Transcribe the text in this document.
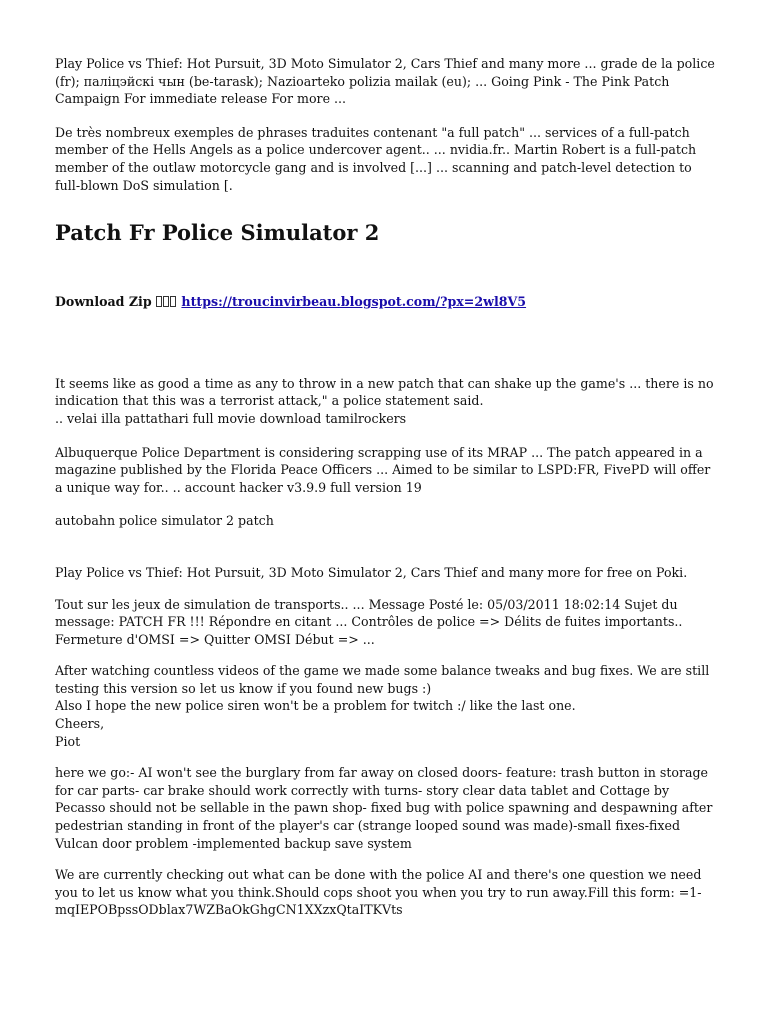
Play Police vs Thief: Hot Pursuit, 3D Moto Simulator 2, Cars Thief and many more ... grade de la police (fr); паліцэйскі чын (be-tarask); Nazioarteko polizia mailak (eu); ... Going Pink - The Pink Patch Campaign For immediate release For more ...

De très nombreux exemples de phrases traduites contenant "a full patch" ... services of a full-patch member of the Hells Angels as a police undercover agent.. ... nvidia.fr.. Martin Robert is a full-patch member of the outlaw motorcycle gang and is involved [...] ... scanning and patch-level detection to full-blown DoS simulation [.

Patch Fr Police Simulator 2
Download Zip https://troucinvirbeau.blogspot.com/?px=2wl8V5

It seems like as good a time as any to throw in a new patch that can shake up the game's ... there is no indication that this was a terrorist attack," a police statement said.
.. velai illa pattathari full movie download tamilrockers

Albuquerque Police Department is considering scrapping use of its MRAP ... The patch appeared in a magazine published by the Florida Peace Officers ... Aimed to be similar to LSPD:FR, FivePD will offer a unique way for.. .. account hacker v3.9.9 full version 19

autobahn police simulator 2 patch

Play Police vs Thief: Hot Pursuit, 3D Moto Simulator 2, Cars Thief and many more for free on Poki.

Tout sur les jeux de simulation de transports.. ... Message Posté le: 05/03/2011 18:02:14 Sujet du message: PATCH FR !!! Répondre en citant ... Contrôles de police => Délits de fuites importants.. Fermeture d'OMSI => Quitter OMSI Début => ...

After watching countless videos of the game we made some balance tweaks and bug fixes. We are still testing this version so let us know if you found new bugs :)
Also I hope the new police siren won't be a problem for twitch :/ like the last one.
Cheers,
Piot

here we go:- AI won't see the burglary from far away on closed doors- feature: trash button in storage for car parts- car brake should work correctly with turns- story clear data tablet and Cottage by Pecasso should not be sellable in the pawn shop- fixed bug with police spawning and despawning after pedestrian standing in front of the player's car (strange looped sound was made)-small fixes-fixed Vulcan door problem -implemented backup save system

We are currently checking out what can be done with the police AI and there's one question we need you to let us know what you think.Should cops shoot you when you try to run away.Fill this form: =1-mqIEPOBpssODblax7WZBaOkGhgCN1XXzxQtaITKVts
